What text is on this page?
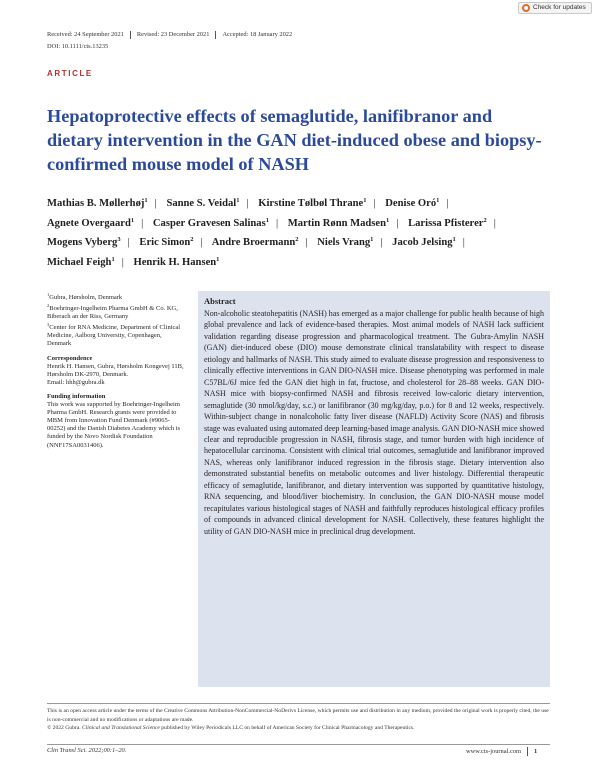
Check for updates
Received: 24 September 2021 Revised: 23 December 2021 Accepted: 18 January 2022
DOI: 10.1111/cts.13235
ARTICLE
Hepatoprotective effects of semaglutide, lanifibranor and dietary intervention in the GAN diet-induced obese and biopsy-confirmed mouse model of NASH
Mathias B. Møllerhøj$^1$ | Sanne S. Veidal$^1$ | Kirstine Tølbøl Thrane$^1$ | Denise Oró$^1$ | Agnete Overgaard$^1$ | Casper Gravesen Salinas$^1$ | Martin Rønn Madsen$^1$ | Larissa Pfisterer$^2$ | Mogens Vyberg$^3$ | Eric Simon$^2$ | Andre Broermann$^2$ | Niels Vrang$^1$ | Jacob Jelsing$^1$ | Michael Feigh$^1$ | Henrik H. Hansen$^1$

$^1$Gubra, Hørsholm, Denmark

$^2$Boehringer-Ingelheim Pharma GmbH & Co. KG, Biberach an der Riss, Germany

$^3$Center for RNA Medicine, Department of Clinical Medicine, Aalborg University, Copenhagen, Denmark

Correspondence
Henrik H. Hansen, Gubra, Hørsholm Kongevej 11B, Hørsholm DK-2970, Denmark.
Email: hhh@gubra.dk
Funding information
This work was supported by Boehringer-Ingelheim Pharma GmbH. Research grants were provided to MBM from Innovation Fund Denmark (#9065-00252) and the Danish Diabetes Academy which is funded by the Novo Nordisk Foundation (NNF17SA0031406).
Abstract

Non-alcoholic steatohepatitis (NASH) has emerged as a major challenge for public health because of high global prevalence and lack of evidence-based therapies. Most animal models of NASH lack sufficient validation regarding disease progression and pharmacological treatment. The Gubra-Amylin NASH (GAN) diet-induced obese (DIO) mouse demonstrate clinical translatability with respect to disease etiology and hallmarks of NASH. This study aimed to evaluate disease progression and responsiveness to clinically effective interventions in GAN DIO-NASH mice. Disease phenotyping was performed in male C57BL/6J mice fed the GAN diet high in fat, fructose, and cholesterol for 28–88 weeks. GAN DIO-NASH mice with biopsy-confirmed NASH and fibrosis received low-caloric dietary intervention, semaglutide (30 nmol/kg/day, s.c.) or lanifibranor (30 mg/kg/day, p.o.) for 8 and 12 weeks, respectively. Within-subject change in nonalcoholic fatty liver disease (NAFLD) Activity Score (NAS) and fibrosis stage was evaluated using automated deep learning-based image analysis. GAN DIO-NASH mice showed clear and reproducible progression in NASH, fibrosis stage, and tumor burden with high incidence of hepatocellular carcinoma. Consistent with clinical trial outcomes, semaglutide and lanifibranor improved NAS, whereas only lanifibranor induced regression in the fibrosis stage. Dietary intervention also demonstrated substantial benefits on metabolic outcomes and liver histology. Differential therapeutic efficacy of semaglutide, lanifibranor, and dietary intervention was supported by quantitative histology, RNA sequencing, and blood/liver biochemistry. In conclusion, the GAN DIO-NASH mouse model recapitulates various histological stages of NASH and faithfully reproduces histological efficacy profiles of compounds in advanced clinical development for NASH. Collectively, these features highlight the utility of GAN DIO-NASH mice in preclinical drug development.

This is an open access article under the terms of the Creative Commons Attribution-NonCommercial-NoDerivs License, which permits use and distribution in any medium, provided the original work is properly cited, the use is non-commercial and no modifications or adaptations are made.
© 2022 Gubra. Clinical and Translational Science published by Wiley Periodicals LLC on behalf of American Society for Clinical Pharmacology and Therapeutics.
Clin Transl Sci. 2022;00:1–20.	www.cts-journal.com 1
